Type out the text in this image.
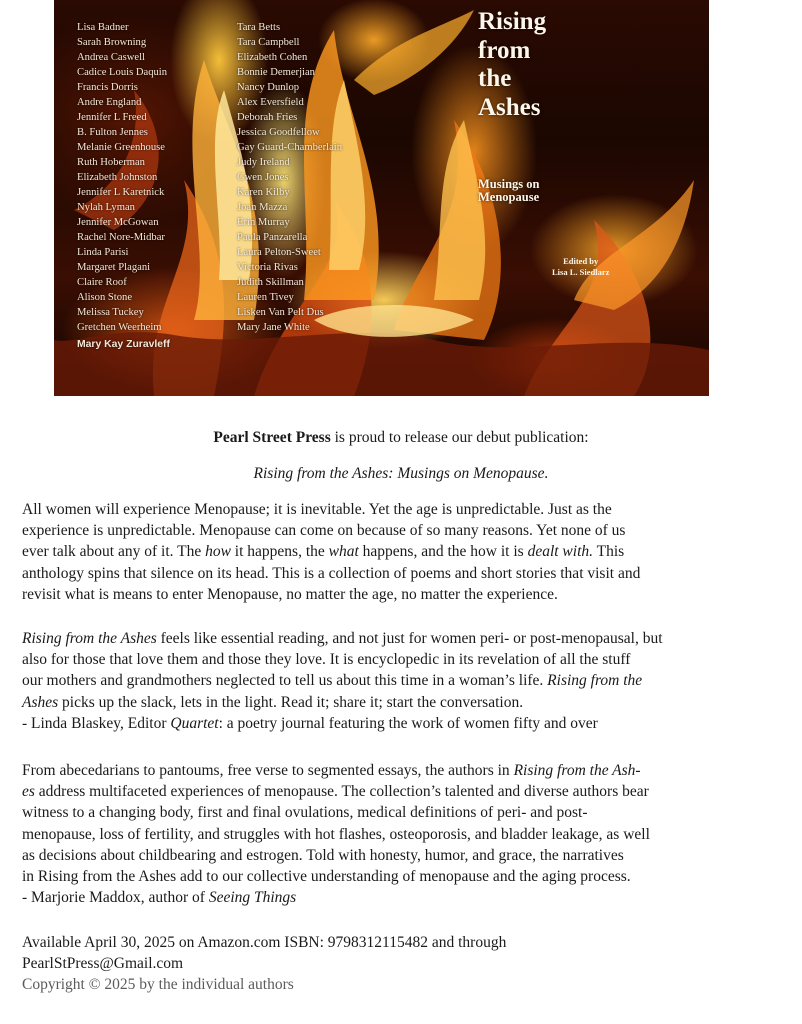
Lisa Badner
Sarah Browning
Andrea Caswell
Cadice Louis Daquin
Francis Dorris
Andre England
Jennifer L Freed
B. Fulton Jennes
Melanie Greenhouse
Ruth Hoberman
Elizabeth Johnston
Jennifer L Karetnick
Nylah Lyman
Jennifer McGowan
Rachel Nore-Midbar
Linda Parisi
Margaret Plagani
Claire Roof
Alison Stone
Melissa Tuckey
Gretchen Weerheim
Mary Kay Zuravleff
Tara Betts
Tara Campbell
Elizabeth Cohen
Bonnie Demerjian
Nancy Dunlop
Alex Eversfield
Deborah Fries
Jessica Goodfellow
Gay Guard-Chamberlain
Judy Ireland
Gwen Jones
Karen Kilby
Joan Mazza
Erin Murray
Paula Panzarella
Laura Pelton-Sweet
Victoria Rivas
Judith Skillman
Lauren Tivey
Lisken Van Pelt Dus
Mary Jane White
Rising
from
the
Ashes
Musings on
Menopause
Edited by
Lisa L. Siedlarz
Pearl Street Press is proud to release our debut publication:
Rising from the Ashes: Musings on Menopause.
All women will experience Menopause; it is inevitable. Yet the age is unpredictable. Just as the
experience is unpredictable. Menopause can come on because of so many reasons. Yet none of us
ever talk about any of it. The how it happens, the what happens, and the how it is dealt with. This
anthology spins that silence on its head. This is a collection of poems and short stories that visit and
revisit what is means to enter Menopause, no matter the age, no matter the experience.
Rising from the Ashes feels like essential reading, and not just for women peri- or post-menopausal, but
also for those that love them and those they love. It is encyclopedic in its revelation of all the stuff
our mothers and grandmothers neglected to tell us about this time in a woman’s life. Rising from the
Ashes picks up the slack, lets in the light. Read it; share it; start the conversation.
- Linda Blaskey, Editor Quartet: a poetry journal featuring the work of women fifty and over
From abecedarians to pantoums, free verse to segmented essays, the authors in Rising from the Ash-
es address multifaceted experiences of menopause. The collection’s talented and diverse authors bear
witness to a changing body, first and final ovulations, medical definitions of peri- and post-
menopause, loss of fertility, and struggles with hot flashes, osteoporosis, and bladder leakage, as well
as decisions about childbearing and estrogen. Told with honesty, humor, and grace, the narratives
in Rising from the Ashes add to our collective understanding of menopause and the aging process.
- Marjorie Maddox, author of Seeing Things
Available April 30, 2025 on Amazon.com ISBN: 9798312115482 and through
PearlStPress@Gmail.com
Copyright © 2025 by the individual authors
